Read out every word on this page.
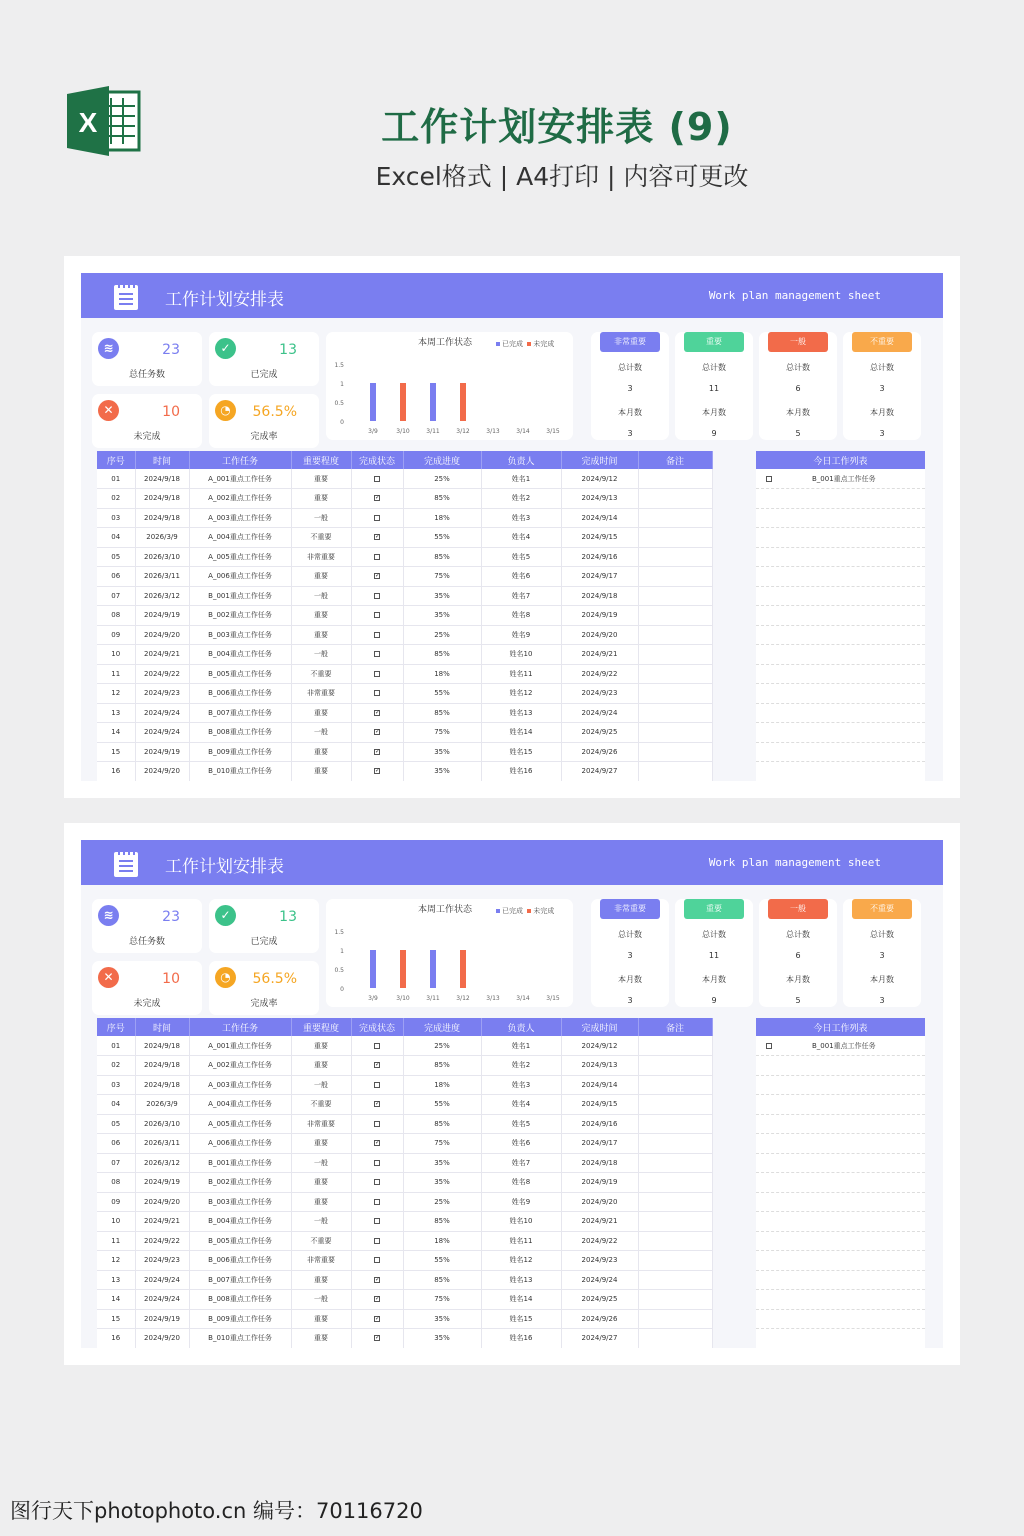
X	工作计划安排表 (9)
Excel格式 | A4打印 | 内容可更改
工作计划安排表	Work plan management sheet
≋	23
总任务数
✓	13
已完成
✕	10
未完成
◔	56.5%
完成率
本周工作状态	已完成 未完成
1.5
1
0.5
0
3/9	3/10	3/11	3/12	3/13	3/14	3/15
非常重要
总计数
3
本月数
3
重要
总计数
11
本月数
9
一般
总计数
6
本月数
5
不重要
总计数
3
本月数
3
序号	时间	工作任务	重要程度	完成状态	完成进度	负责人	完成时间	备注
01	2024/9/18	A_001重点工作任务	重要		25%	姓名1	2024/9/12	
02	2024/9/18	A_002重点工作任务	重要	✓	85%	姓名2	2024/9/13	
03	2024/9/18	A_003重点工作任务	一般		18%	姓名3	2024/9/14	
04	2026/3/9	A_004重点工作任务	不重要	✓	55%	姓名4	2024/9/15	
05	2026/3/10	A_005重点工作任务	非常重要		85%	姓名5	2024/9/16	
06	2026/3/11	A_006重点工作任务	重要	✓	75%	姓名6	2024/9/17	
07	2026/3/12	B_001重点工作任务	一般		35%	姓名7	2024/9/18	
08	2024/9/19	B_002重点工作任务	重要		35%	姓名8	2024/9/19	
09	2024/9/20	B_003重点工作任务	重要		25%	姓名9	2024/9/20	
10	2024/9/21	B_004重点工作任务	一般		85%	姓名10	2024/9/21	
11	2024/9/22	B_005重点工作任务	不重要		18%	姓名11	2024/9/22	
12	2024/9/23	B_006重点工作任务	非常重要		55%	姓名12	2024/9/23	
13	2024/9/24	B_007重点工作任务	重要	✓	85%	姓名13	2024/9/24	
14	2024/9/24	B_008重点工作任务	一般	✓	75%	姓名14	2024/9/25	
15	2024/9/19	B_009重点工作任务	重要	✓	35%	姓名15	2024/9/26	
16	2024/9/20	B_010重点工作任务	重要	✓	35%	姓名16	2024/9/27	
今日工作列表
B_001重点工作任务

工作计划安排表	Work plan management sheet
≋	23
总任务数
✓	13
已完成
✕	10
未完成
◔	56.5%
完成率
本周工作状态	已完成 未完成
1.5
1
0.5
0
3/9	3/10	3/11	3/12	3/13	3/14	3/15
非常重要
总计数
3
本月数
3
重要
总计数
11
本月数
9
一般
总计数
6
本月数
5
不重要
总计数
3
本月数
3
序号	时间	工作任务	重要程度	完成状态	完成进度	负责人	完成时间	备注
01	2024/9/18	A_001重点工作任务	重要		25%	姓名1	2024/9/12	
02	2024/9/18	A_002重点工作任务	重要	✓	85%	姓名2	2024/9/13	
03	2024/9/18	A_003重点工作任务	一般		18%	姓名3	2024/9/14	
04	2026/3/9	A_004重点工作任务	不重要	✓	55%	姓名4	2024/9/15	
05	2026/3/10	A_005重点工作任务	非常重要		85%	姓名5	2024/9/16	
06	2026/3/11	A_006重点工作任务	重要	✓	75%	姓名6	2024/9/17	
07	2026/3/12	B_001重点工作任务	一般		35%	姓名7	2024/9/18	
08	2024/9/19	B_002重点工作任务	重要		35%	姓名8	2024/9/19	
09	2024/9/20	B_003重点工作任务	重要		25%	姓名9	2024/9/20	
10	2024/9/21	B_004重点工作任务	一般		85%	姓名10	2024/9/21	
11	2024/9/22	B_005重点工作任务	不重要		18%	姓名11	2024/9/22	
12	2024/9/23	B_006重点工作任务	非常重要		55%	姓名12	2024/9/23	
13	2024/9/24	B_007重点工作任务	重要	✓	85%	姓名13	2024/9/24	
14	2024/9/24	B_008重点工作任务	一般	✓	75%	姓名14	2024/9/25	
15	2024/9/19	B_009重点工作任务	重要	✓	35%	姓名15	2024/9/26	
16	2024/9/20	B_010重点工作任务	重要	✓	35%	姓名16	2024/9/27	
今日工作列表
B_001重点工作任务

图行天下photophoto.cn 编号：70116720
